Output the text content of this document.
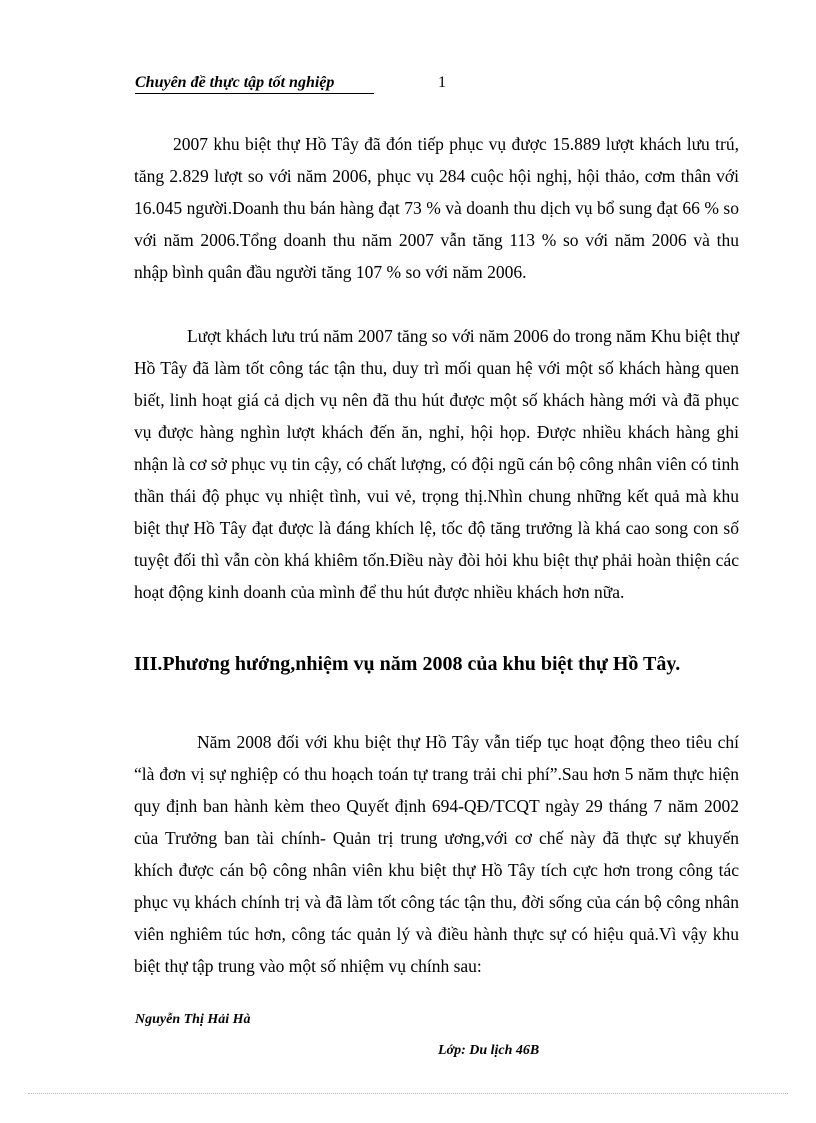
Chuyên đề thực tập tốt nghiệp	1

2007 khu biệt thự Hồ Tây đã đón tiếp phục vụ được 15.889 lượt khách lưu trú, tăng 2.829 lượt so với năm 2006, phục vụ 284 cuộc hội nghị, hội thảo, cơm thân với 16.045 người.Doanh thu bán hàng đạt 73 % và doanh thu dịch vụ bổ sung đạt 66 % so với năm 2006.Tổng doanh thu năm 2007 vẫn tăng 113 % so với năm 2006 và thu nhập bình quân đầu người tăng 107 % so với năm 2006.

Lượt khách lưu trú năm 2007 tăng so với năm 2006 do trong năm Khu biệt thự Hồ Tây đã làm tốt công tác tận thu, duy trì mối quan hệ với một số khách hàng quen biết, linh hoạt giá cả dịch vụ nên đã thu hút được một số khách hàng mới và đã phục vụ được hàng nghìn lượt khách đến ăn, nghỉ, hội họp. Được nhiều khách hàng ghi nhận là cơ sở phục vụ tin cậy, có chất lượng, có đội ngũ cán bộ công nhân viên có tinh thần thái độ phục vụ nhiệt tình, vui vẻ, trọng thị.Nhìn chung những kết quả mà khu biệt thự Hồ Tây đạt được là đáng khích lệ, tốc độ tăng trưởng là khá cao song con số tuyệt đối thì vẫn còn khá khiêm tốn.Điều này đòi hỏi khu biệt thự phải hoàn thiện các hoạt động kinh doanh của mình để thu hút được nhiều khách hơn nữa.

III.Phương hướng,nhiệm vụ năm 2008 của khu biệt thự Hồ Tây.

Năm 2008 đối với khu biệt thự Hồ Tây vẫn tiếp tục hoạt động theo tiêu chí “là đơn vị sự nghiệp có thu hoạch toán tự trang trải chi phí”.Sau hơn 5 năm thực hiện quy định ban hành kèm theo Quyết định 694-QĐ/TCQT ngày 29 tháng 7 năm 2002 của Trưởng ban tài chính- Quản trị trung ương,với cơ chế này đã thực sự khuyến khích được cán bộ công nhân viên khu biệt thự Hồ Tây tích cực hơn trong công tác phục vụ khách chính trị và đã làm tốt công tác tận thu, đời sống của cán bộ công nhân viên nghiêm túc hơn, công tác quản lý và điều hành thực sự có hiệu quả.Vì vậy khu biệt thự tập trung vào một số nhiệm vụ chính sau:

Nguyễn Thị Hải Hà
Lớp: Du lịch 46B
